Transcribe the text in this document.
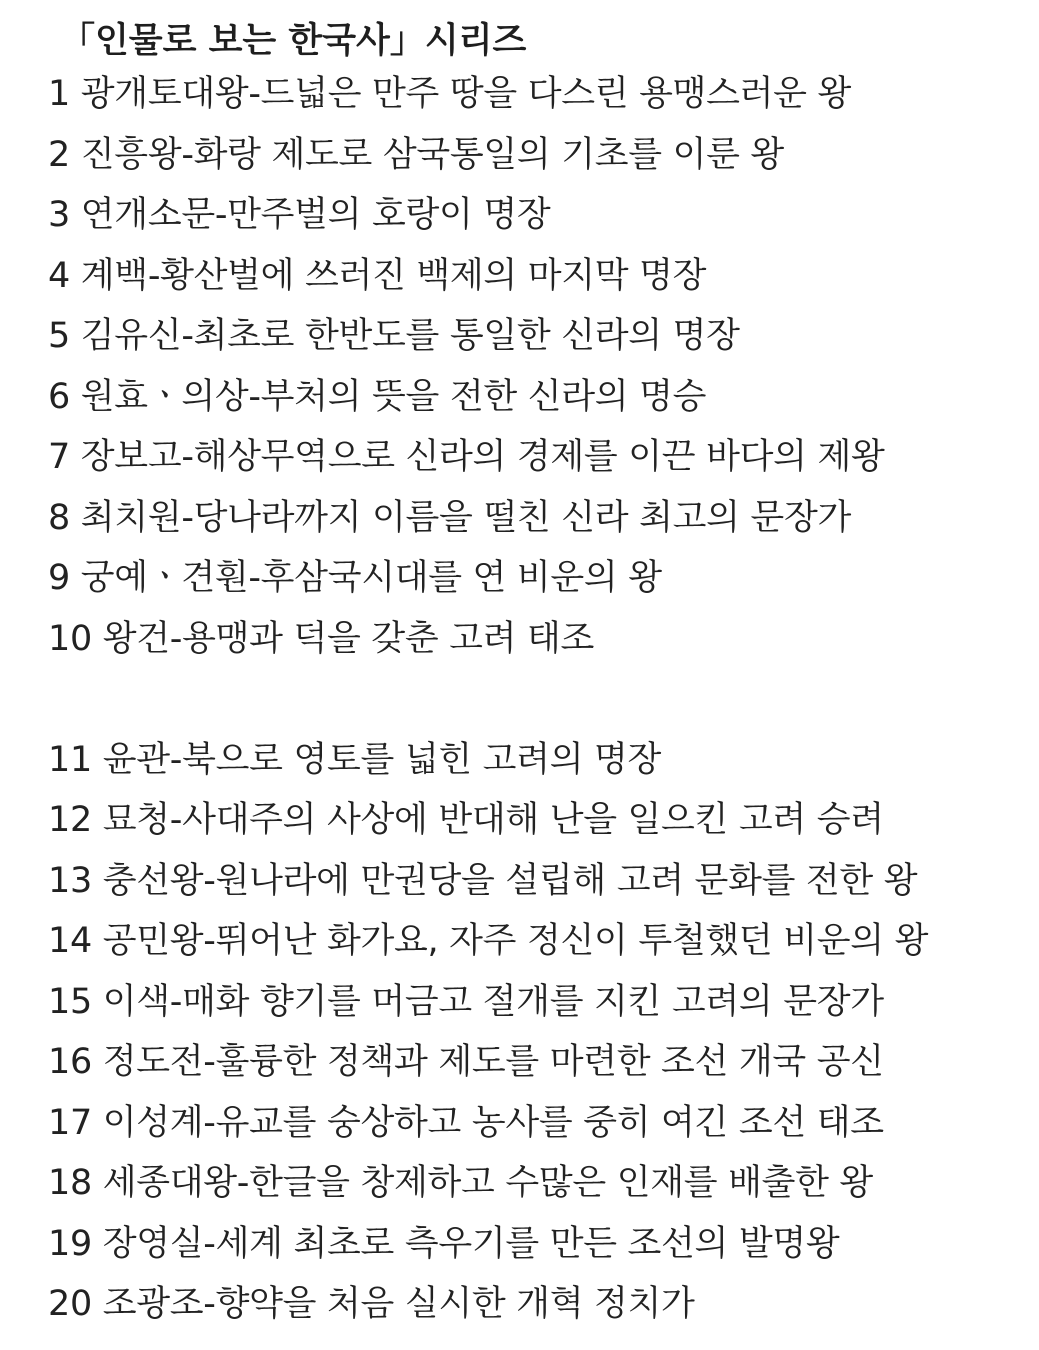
「인물로 보는 한국사」시리즈
1 광개토대왕-드넓은 만주 땅을 다스린 용맹스러운 왕
2 진흥왕-화랑 제도로 삼국통일의 기초를 이룬 왕
3 연개소문-만주벌의 호랑이 명장
4 계백-황산벌에 쓰러진 백제의 마지막 명장
5 김유신-최초로 한반도를 통일한 신라의 명장
6 원효ㆍ의상-부처의 뜻을 전한 신라의 명승
7 장보고-해상무역으로 신라의 경제를 이끈 바다의 제왕
8 최치원-당나라까지 이름을 떨친 신라 최고의 문장가
9 궁예ㆍ견훤-후삼국시대를 연 비운의 왕
10 왕건-용맹과 덕을 갖춘 고려 태조
11 윤관-북으로 영토를 넓힌 고려의 명장
12 묘청-사대주의 사상에 반대해 난을 일으킨 고려 승려
13 충선왕-원나라에 만권당을 설립해 고려 문화를 전한 왕
14 공민왕-뛰어난 화가요, 자주 정신이 투철했던 비운의 왕
15 이색-매화 향기를 머금고 절개를 지킨 고려의 문장가
16 정도전-훌륭한 정책과 제도를 마련한 조선 개국 공신
17 이성계-유교를 숭상하고 농사를 중히 여긴 조선 태조
18 세종대왕-한글을 창제하고 수많은 인재를 배출한 왕
19 장영실-세계 최초로 측우기를 만든 조선의 발명왕
20 조광조-향약을 처음 실시한 개혁 정치가
